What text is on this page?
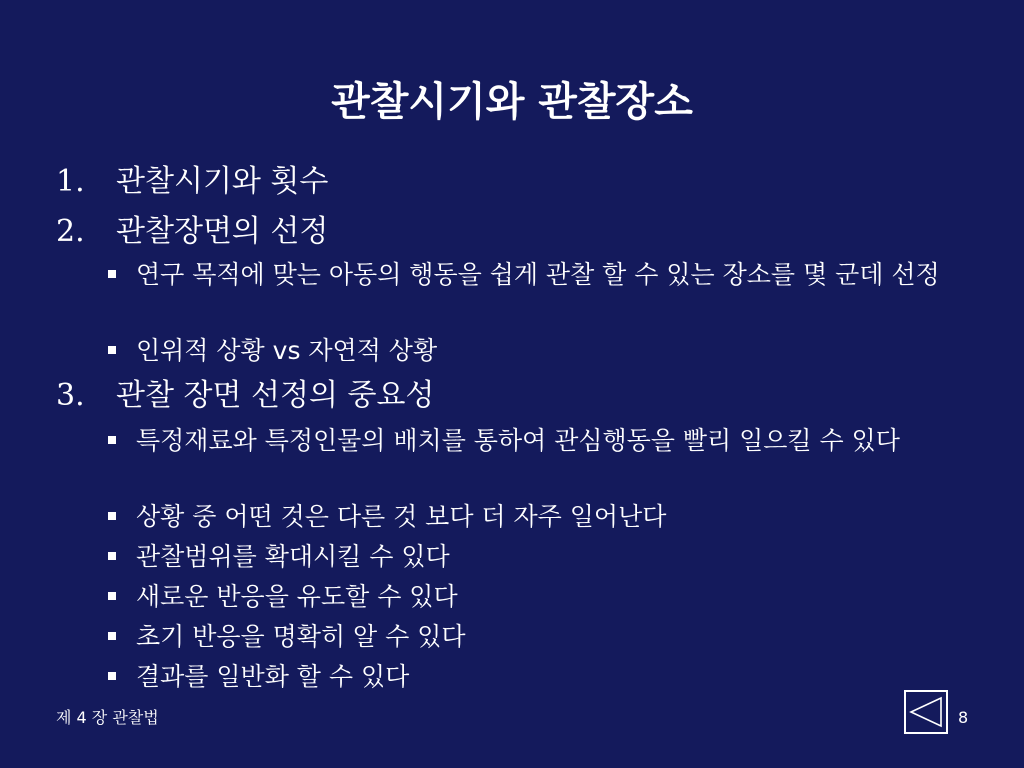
관찰시기와 관찰장소
1. 관찰시기와 횟수
2. 관찰장면의 선정
연구 목적에 맞는 아동의 행동을 쉽게 관찰 할 수 있는 장소를 몇 군데 선정
인위적 상황 vs 자연적 상황
3. 관찰 장면 선정의 중요성
특정재료와 특정인물의 배치를 통하여 관심행동을 빨리 일으킬 수 있다
상황 중 어떤 것은 다른 것 보다 더 자주 일어난다
관찰범위를 확대시킬 수 있다
새로운 반응을 유도할 수 있다
초기 반응을 명확히 알 수 있다
결과를 일반화 할 수 있다
제 4 장 관찰법	8
